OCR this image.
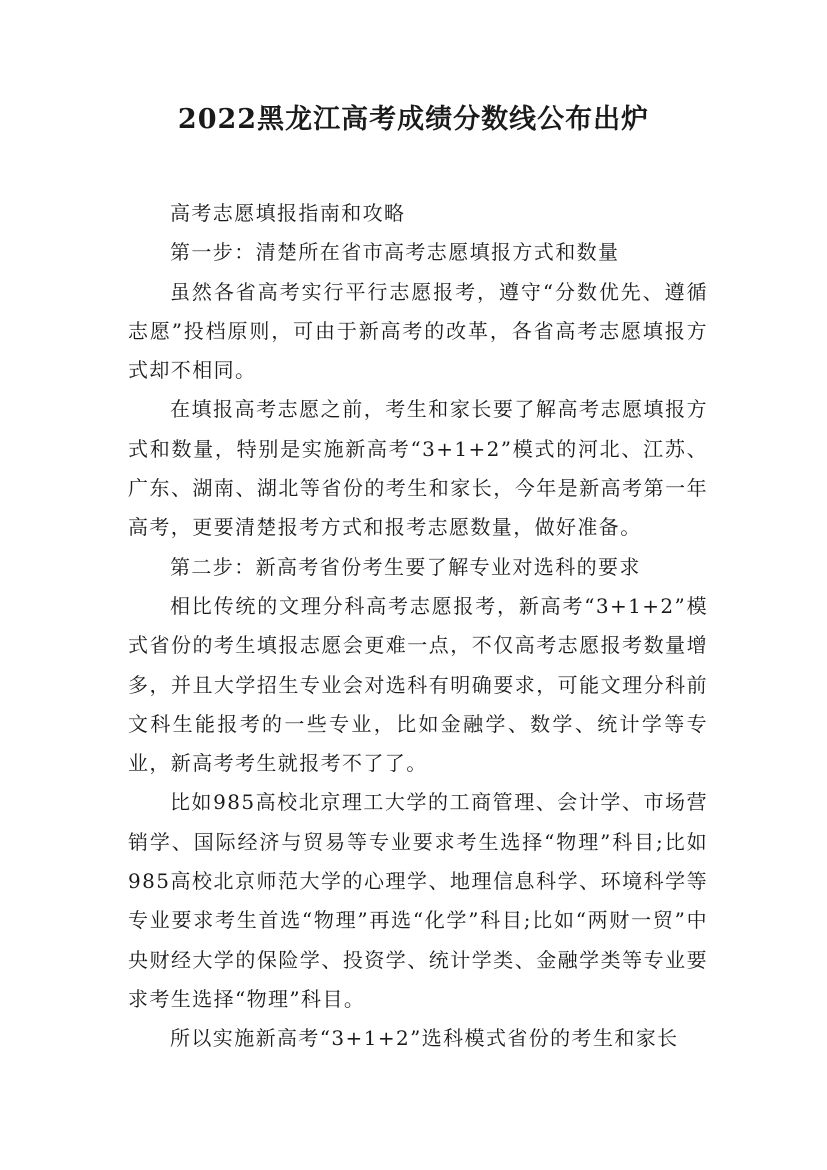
2022黑龙江高考成绩分数线公布出炉

高考志愿填报指南和攻略

第一步：清楚所在省市高考志愿填报方式和数量

虽然各省高考实行平行志愿报考，遵守“分数优先、遵循志愿”投档原则，可由于新高考的改革，各省高考志愿填报方式却不相同。

在填报高考志愿之前，考生和家长要了解高考志愿填报方式和数量，特别是实施新高考“3+1+2”模式的河北、江苏、广东、湖南、湖北等省份的考生和家长，今年是新高考第一年高考，更要清楚报考方式和报考志愿数量，做好准备。

第二步：新高考省份考生要了解专业对选科的要求

相比传统的文理分科高考志愿报考，新高考“3+1+2”模式省份的考生填报志愿会更难一点，不仅高考志愿报考数量增多，并且大学招生专业会对选科有明确要求，可能文理分科前文科生能报考的一些专业，比如金融学、数学、统计学等专业，新高考考生就报考不了了。

比如985高校北京理工大学的工商管理、会计学、市场营销学、国际经济与贸易等专业要求考生选择“物理”科目;比如985高校北京师范大学的心理学、地理信息科学、环境科学等专业要求考生首选“物理”再选“化学”科目;比如“两财一贸”中央财经大学的保险学、投资学、统计学类、金融学类等专业要求考生选择“物理”科目。

所以实施新高考“3+1+2”选科模式省份的考生和家长
